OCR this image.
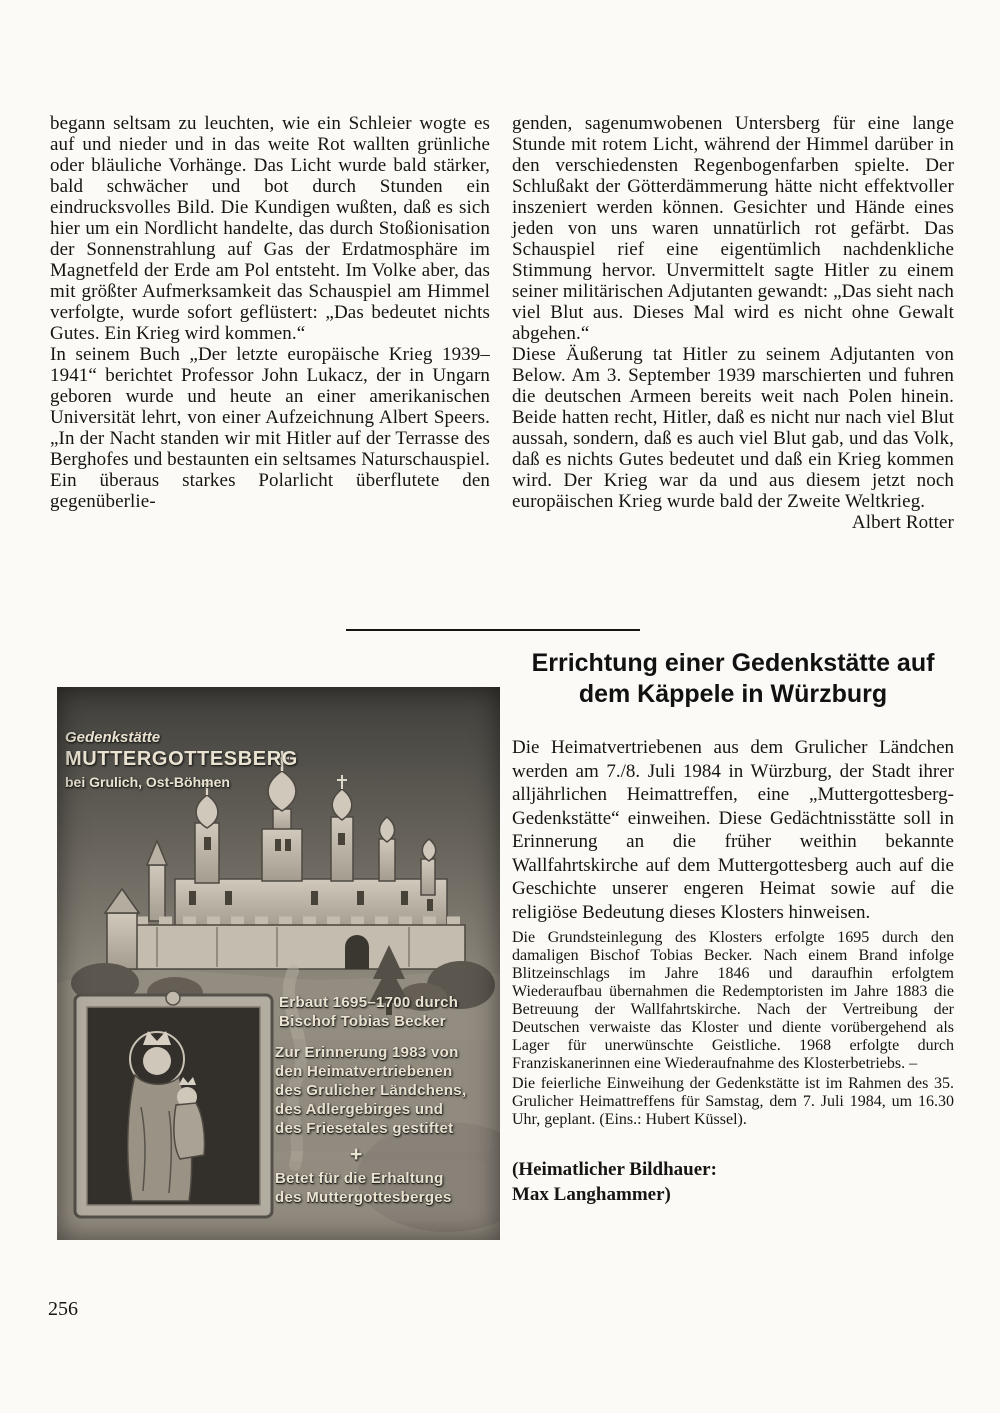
begann seltsam zu leuchten, wie ein Schleier wogte es auf und nieder und in das weite Rot wallten grünliche oder bläuliche Vorhänge. Das Licht wurde bald stärker, bald schwächer und bot durch Stunden ein eindrucksvolles Bild. Die Kundigen wußten, daß es sich hier um ein Nordlicht handelte, das durch Stoßionisation der Sonnenstrahlung auf Gas der Erdatmosphäre im Magnetfeld der Erde am Pol entsteht. Im Volke aber, das mit größter Aufmerksamkeit das Schauspiel am Himmel verfolgte, wurde sofort geflüstert: „Das bedeutet nichts Gutes. Ein Krieg wird kommen.“

In seinem Buch „Der letzte europäische Krieg 1939–1941“ berichtet Professor John Lukacz, der in Ungarn geboren wurde und heute an einer amerikanischen Universität lehrt, von einer Aufzeichnung Albert Speers. „In der Nacht standen wir mit Hitler auf der Terrasse des Berghofes und bestaunten ein seltsames Naturschauspiel. Ein überaus starkes Polarlicht überflutete den gegenüberlie-

genden, sagenumwobenen Untersberg für eine lange Stunde mit rotem Licht, während der Himmel darüber in den verschiedensten Regenbogenfarben spielte. Der Schlußakt der Götterdämmerung hätte nicht effektvoller inszeniert werden können. Gesichter und Hände eines jeden von uns waren unnatürlich rot gefärbt. Das Schauspiel rief eine eigentümlich nachdenkliche Stimmung hervor. Unvermittelt sagte Hitler zu einem seiner militärischen Adjutanten gewandt: „Das sieht nach viel Blut aus. Dieses Mal wird es nicht ohne Gewalt abgehen.“

Diese Äußerung tat Hitler zu seinem Adjutanten von Below. Am 3. September 1939 marschierten und fuhren die deutschen Armeen bereits weit nach Polen hinein. Beide hatten recht, Hitler, daß es nicht nur nach viel Blut aussah, sondern, daß es auch viel Blut gab, und das Volk, daß es nichts Gutes bedeutet und daß ein Krieg kommen wird. Der Krieg war da und aus diesem jetzt noch europäischen Krieg wurde bald der Zweite Weltkrieg.
Albert Rotter

Gedenkstätte
MUTTERGOTTESBERG
bei Grulich, Ost-Böhmen
Erbaut 1695–1700 durch
Bischof Tobias Becker
Zur Erinnerung 1983 von
den Heimatvertriebenen
des Grulicher Ländchens,
des Adlergebirges und
des Friesetales gestiftet
+
Betet für die Erhaltung
des Muttergottesberges
Errichtung einer Gedenkstätte auf
dem Käppele in Würzburg

Die Heimatvertriebenen aus dem Grulicher Ländchen werden am 7./8. Juli 1984 in Würzburg, der Stadt ihrer alljährlichen Heimattreffen, eine „Muttergottesberg-Gedenkstätte“ einweihen. Diese Gedächtnisstätte soll in Erinnerung an die früher weithin bekannte Wallfahrtskirche auf dem Muttergottesberg auch auf die Geschichte unserer engeren Heimat sowie auf die religiöse Bedeutung dieses Klosters hinweisen.

Die Grundsteinlegung des Klosters erfolgte 1695 durch den damaligen Bischof Tobias Becker. Nach einem Brand infolge Blitzeinschlags im Jahre 1846 und daraufhin erfolgtem Wiederaufbau übernahmen die Redemptoristen im Jahre 1883 die Betreuung der Wallfahrtskirche. Nach der Vertreibung der Deutschen verwaiste das Kloster und diente vorübergehend als Lager für unerwünschte Geistliche. 1968 erfolgte durch Franziskanerinnen eine Wiederaufnahme des Klosterbetriebs. –

Die feierliche Einweihung der Gedenkstätte ist im Rahmen des 35. Grulicher Heimattreffens für Samstag, dem 7. Juli 1984, um 16.30 Uhr, geplant. (Eins.: Hubert Küssel).

(Heimatlicher Bildhauer:
Max Langhammer)
256
